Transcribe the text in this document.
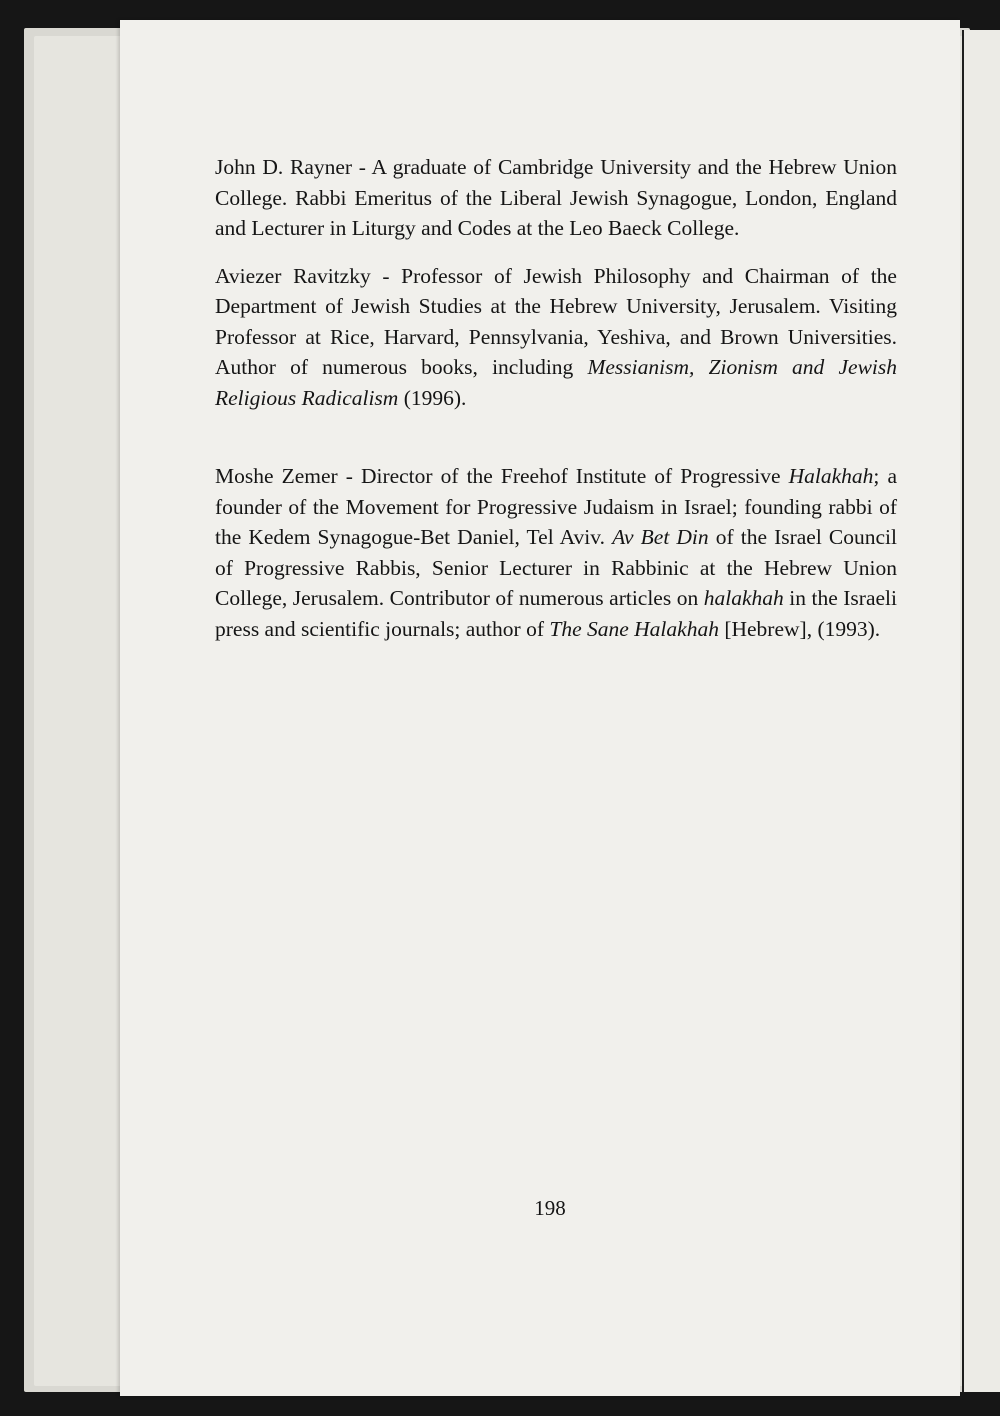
John D. Rayner - A graduate of Cambridge University and the Hebrew Union College. Rabbi Emeritus of the Liberal Jewish Synagogue, London, England and Lecturer in Liturgy and Codes at the Leo Baeck College.

Aviezer Ravitzky - Professor of Jewish Philosophy and Chairman of the Department of Jewish Studies at the Hebrew University, Jerusalem. Visiting Professor at Rice, Harvard, Pennsylvania, Yeshiva, and Brown Universities. Author of numerous books, including Messianism, Zionism and Jewish Religious Radicalism (1996).

Moshe Zemer - Director of the Freehof Institute of Progressive Halakhah; a founder of the Movement for Progressive Judaism in Israel; founding rabbi of the Kedem Synagogue-Bet Daniel, Tel Aviv. Av Bet Din of the Israel Council of Progressive Rabbis, Senior Lecturer in Rabbinic at the Hebrew Union College, Jerusalem. Contributor of numerous articles on halakhah in the Israeli press and scientific journals; author of The Sane Halakhah [Hebrew], (1993).

198
